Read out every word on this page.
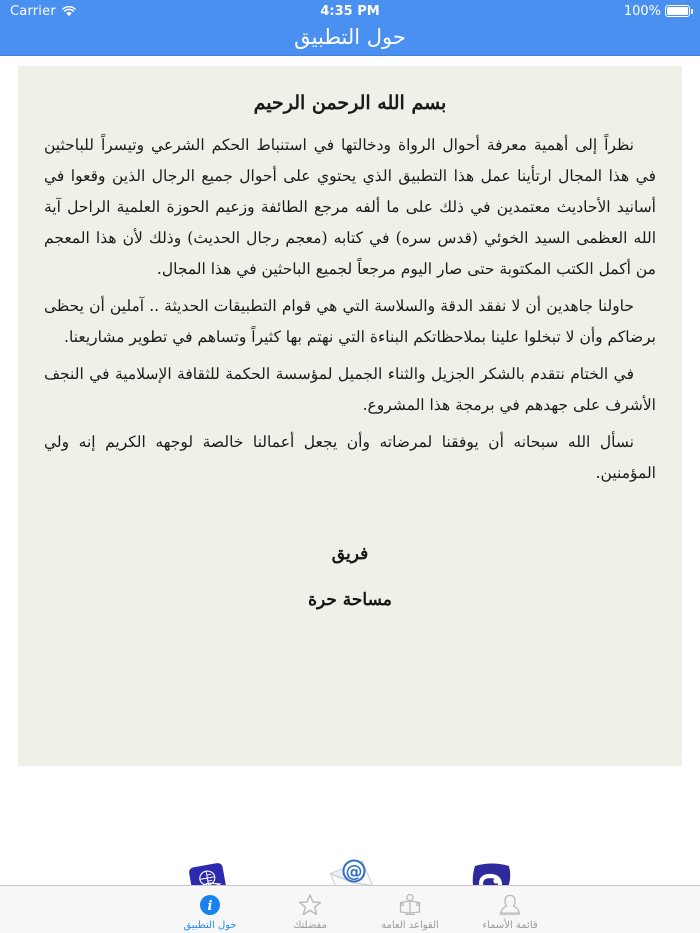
Carrier	4:35 PM	100%
حول التطبيق
بسم الله الرحمن الرحيم

نظراً إلى أهمية معرفة أحوال الرواة ودخالتها في استنباط الحكم الشرعي وتيسراً للباحثين في هذا المجال ارتأينا عمل هذا التطبيق الذي يحتوي على أحوال جميع الرجال الذين وقعوا في أسانيد الأحاديث معتمدين في ذلك على ما ألفه مرجع الطائفة وزعيم الحوزة العلمية الراحل آية الله العظمى السيد الخوئي (قدس سره) في كتابه (معجم رجال الحديث) وذلك لأن هذا المعجم من أكمل الكتب المكتوبة حتى صار اليوم مرجعاً لجميع الباحثين في هذا المجال.

حاولنا جاهدين أن لا نفقد الدقة والسلاسة التي هي قوام التطبيقات الحديثة .. آملين أن يحظى برضاكم وأن لا تبخلوا علينا بملاحظاتكم البناءة التي نهتم بها كثيراً وتساهم في تطوير مشاريعنا.

في الختام نتقدم بالشكر الجزيل والثناء الجميل لمؤسسة الحكمة للثقافة الإسلامية في النجف الأشرف على جهدهم في برمجة هذا المشروع.

نسأل الله سبحانه أن يوفقنا لمرضاته وأن يجعل أعمالنا خالصة لوجهه الكريم إنه ولي المؤمنين.

فريق
مساحة حرة
@
i
حول التطبيق	مفضلتك	القواعد العامة	قائمة الأسماء
